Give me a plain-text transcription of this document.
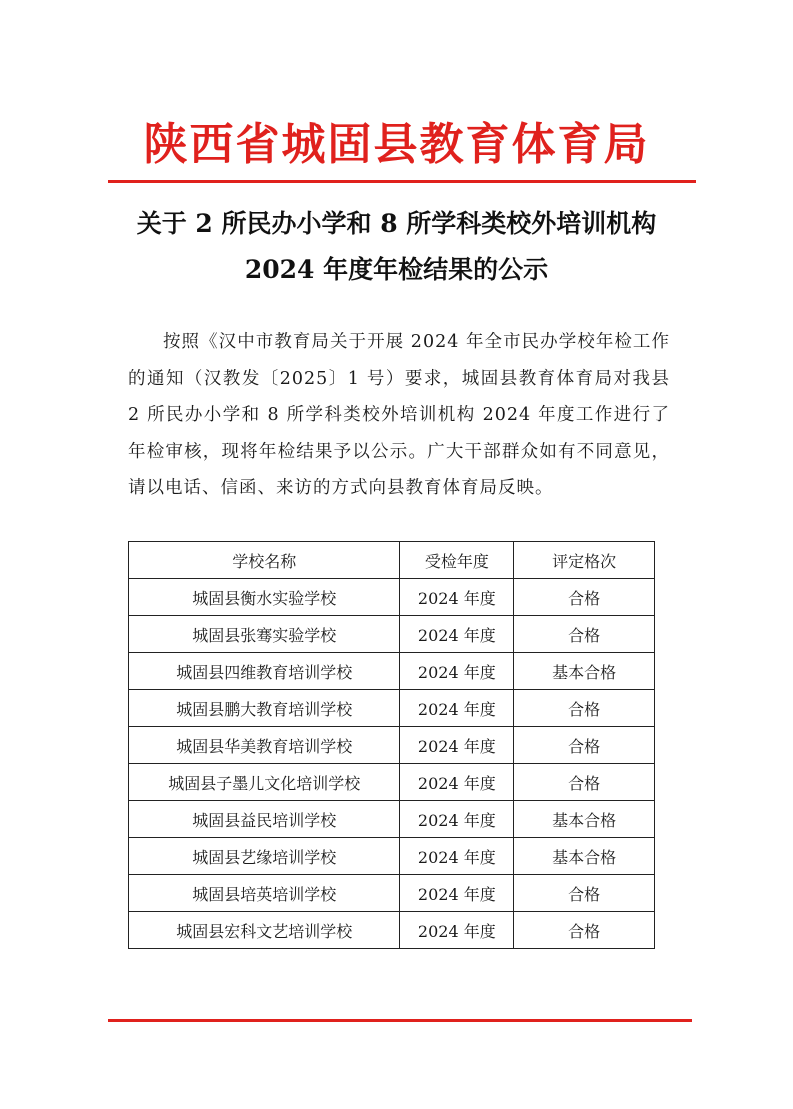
陕西省城固县教育体育局
关于 2 所民办小学和 8 所学科类校外培训机构
2024 年度年检结果的公示
按照《汉中市教育局关于开展 2024 年全市民办学校年检工作的通知（汉教发〔2025〕1 号）要求，城固县教育体育局对我县 2 所民办小学和 8 所学科类校外培训机构 2024 年度工作进行了年检审核，现将年检结果予以公示。广大干部群众如有不同意见，请以电话、信函、来访的方式向县教育体育局反映。
学校名称	受检年度	评定格次
城固县衡水实验学校	2024 年度	合格
城固县张骞实验学校	2024 年度	合格
城固县四维教育培训学校	2024 年度	基本合格
城固县鹏大教育培训学校	2024 年度	合格
城固县华美教育培训学校	2024 年度	合格
城固县子墨儿文化培训学校	2024 年度	合格
城固县益民培训学校	2024 年度	基本合格
城固县艺缘培训学校	2024 年度	基本合格
城固县培英培训学校	2024 年度	合格
城固县宏科文艺培训学校	2024 年度	合格
